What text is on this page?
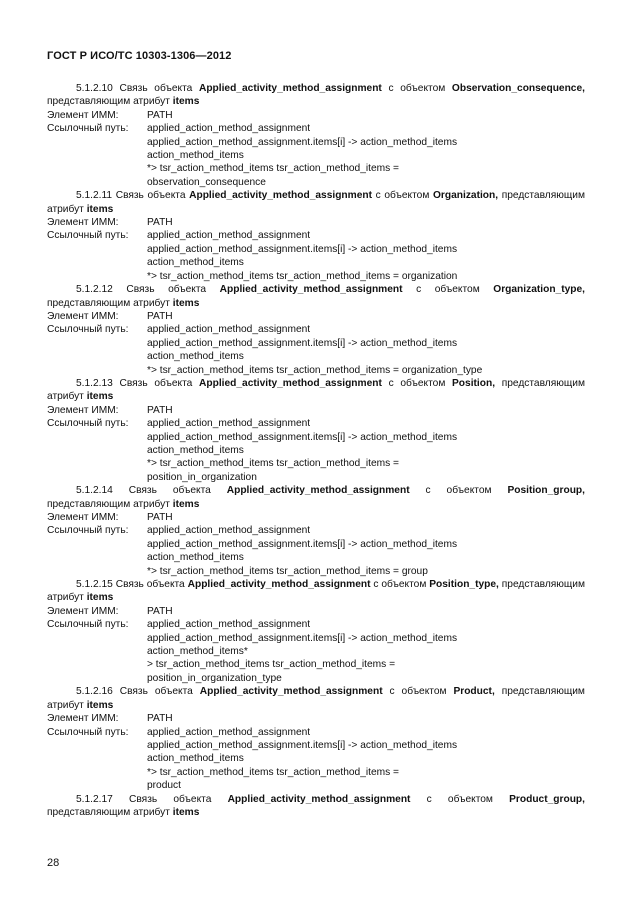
ГОСТ Р ИСО/ТС 10303-1306—2012
5.1.2.10 Связь объекта Applied_activity_method_assignment с объектом Observation_consequence, представляющим атрибут items
Элемент ИММ:	PATH
Ссылочный путь:	applied_action_method_assignment
applied_action_method_assignment.items[i] -> action_method_items
action_method_items
*> tsr_action_method_items tsr_action_method_items =
observation_consequence
5.1.2.11 Связь объекта Applied_activity_method_assignment с объектом Organization, представляющим атрибут items
Элемент ИММ:	PATH
Ссылочный путь:	applied_action_method_assignment
applied_action_method_assignment.items[i] -> action_method_items
action_method_items
*> tsr_action_method_items tsr_action_method_items = organization
5.1.2.12 Связь объекта Applied_activity_method_assignment с объектом Organization_type, представляющим атрибут items
Элемент ИММ:	PATH
Ссылочный путь:	applied_action_method_assignment
applied_action_method_assignment.items[i] -> action_method_items
action_method_items
*> tsr_action_method_items tsr_action_method_items = organization_type
5.1.2.13 Связь объекта Applied_activity_method_assignment с объектом Position, представляющим атрибут items
Элемент ИММ:	PATH
Ссылочный путь:	applied_action_method_assignment
applied_action_method_assignment.items[i] -> action_method_items
action_method_items
*> tsr_action_method_items tsr_action_method_items =
position_in_organization
5.1.2.14 Связь объекта Applied_activity_method_assignment с объектом Position_group, представляющим атрибут items
Элемент ИММ:	PATH
Ссылочный путь:	applied_action_method_assignment
applied_action_method_assignment.items[i] -> action_method_items
action_method_items
*> tsr_action_method_items tsr_action_method_items = group
5.1.2.15 Связь объекта Applied_activity_method_assignment с объектом Position_type, представляющим атрибут items
Элемент ИММ:	PATH
Ссылочный путь:	applied_action_method_assignment
applied_action_method_assignment.items[i] -> action_method_items
action_method_items*
> tsr_action_method_items tsr_action_method_items =
position_in_organization_type
5.1.2.16 Связь объекта Applied_activity_method_assignment с объектом Product, представляющим атрибут items
Элемент ИММ:	PATH
Ссылочный путь:	applied_action_method_assignment
applied_action_method_assignment.items[i] -> action_method_items
action_method_items
*> tsr_action_method_items tsr_action_method_items =
product
5.1.2.17 Связь объекта Applied_activity_method_assignment с объектом Product_group, представляющим атрибут items
28
